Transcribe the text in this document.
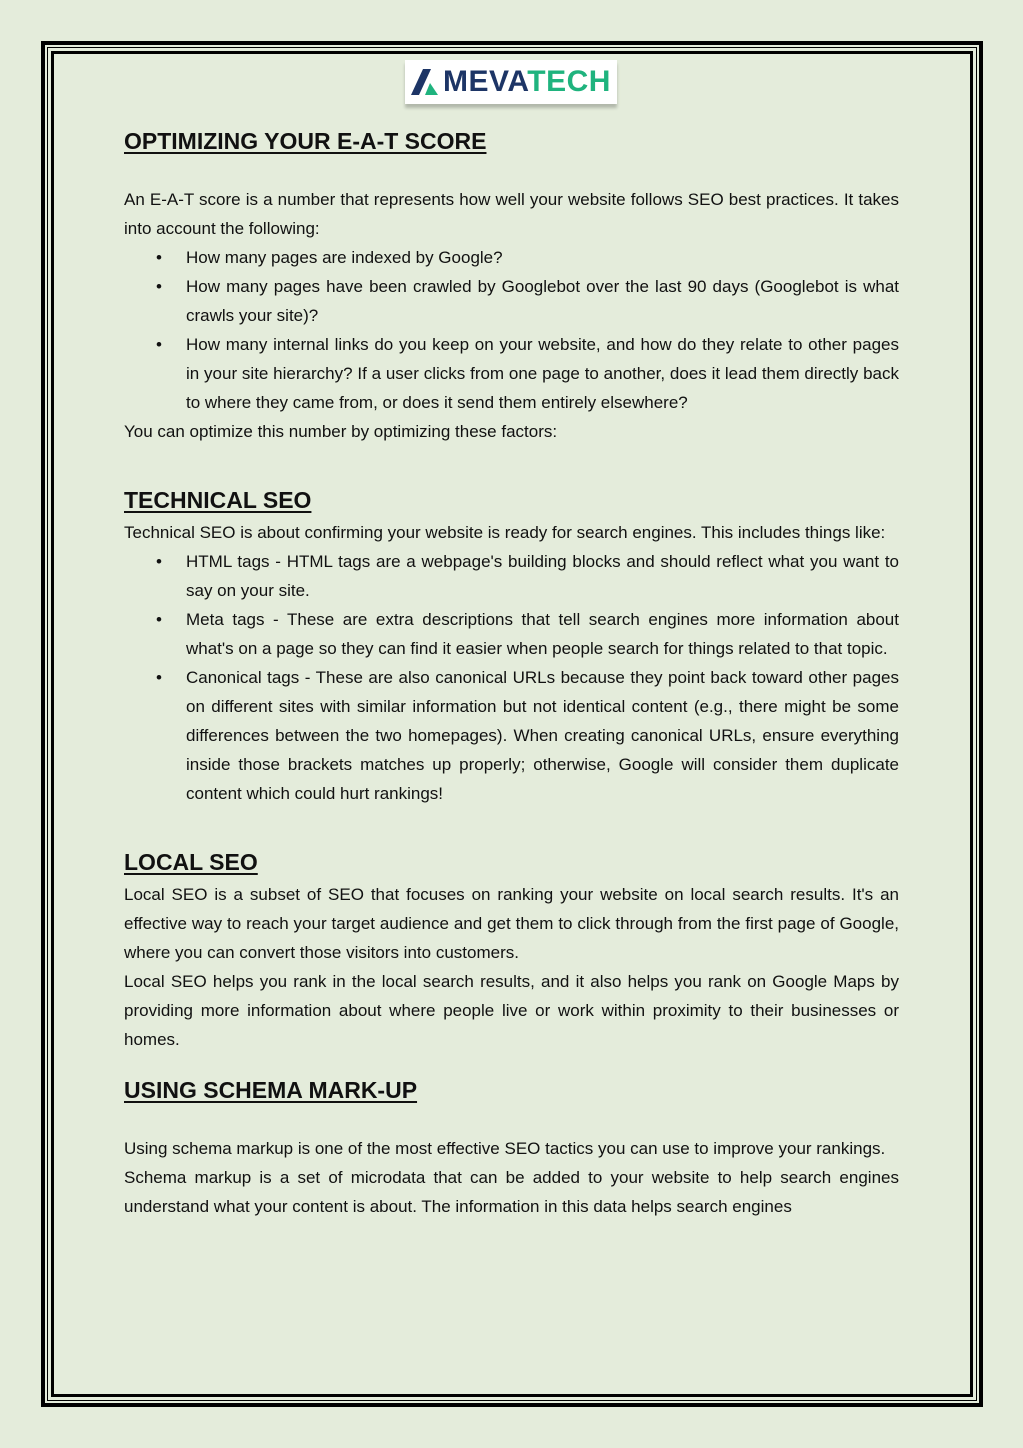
MEVATECH
OPTIMIZING YOUR E-A-T SCORE

An E-A-T score is a number that represents how well your website follows SEO best practices. It takes into account the following:

• How many pages are indexed by Google?
• How many pages have been crawled by Googlebot over the last 90 days (Googlebot is what crawls your site)?
• How many internal links do you keep on your website, and how do they relate to other pages in your site hierarchy? If a user clicks from one page to another, does it lead them directly back to where they came from, or does it send them entirely elsewhere?

You can optimize this number by optimizing these factors:

TECHNICAL SEO

Technical SEO is about confirming your website is ready for search engines. This includes things like:

• HTML tags - HTML tags are a webpage's building blocks and should reflect what you want to say on your site.
• Meta tags - These are extra descriptions that tell search engines more information about what's on a page so they can find it easier when people search for things related to that topic.
• Canonical tags - These are also canonical URLs because they point back toward other pages on different sites with similar information but not identical content (e.g., there might be some differences between the two homepages). When creating canonical URLs, ensure everything inside those brackets matches up properly; otherwise, Google will consider them duplicate content which could hurt rankings!
LOCAL SEO

Local SEO is a subset of SEO that focuses on ranking your website on local search results. It's an effective way to reach your target audience and get them to click through from the first page of Google, where you can convert those visitors into customers.

Local SEO helps you rank in the local search results, and it also helps you rank on Google Maps by providing more information about where people live or work within proximity to their businesses or homes.

USING SCHEMA MARK-UP

Using schema markup is one of the most effective SEO tactics you can use to improve your rankings.

Schema markup is a set of microdata that can be added to your website to help search engines understand what your content is about. The information in this data helps search engines
